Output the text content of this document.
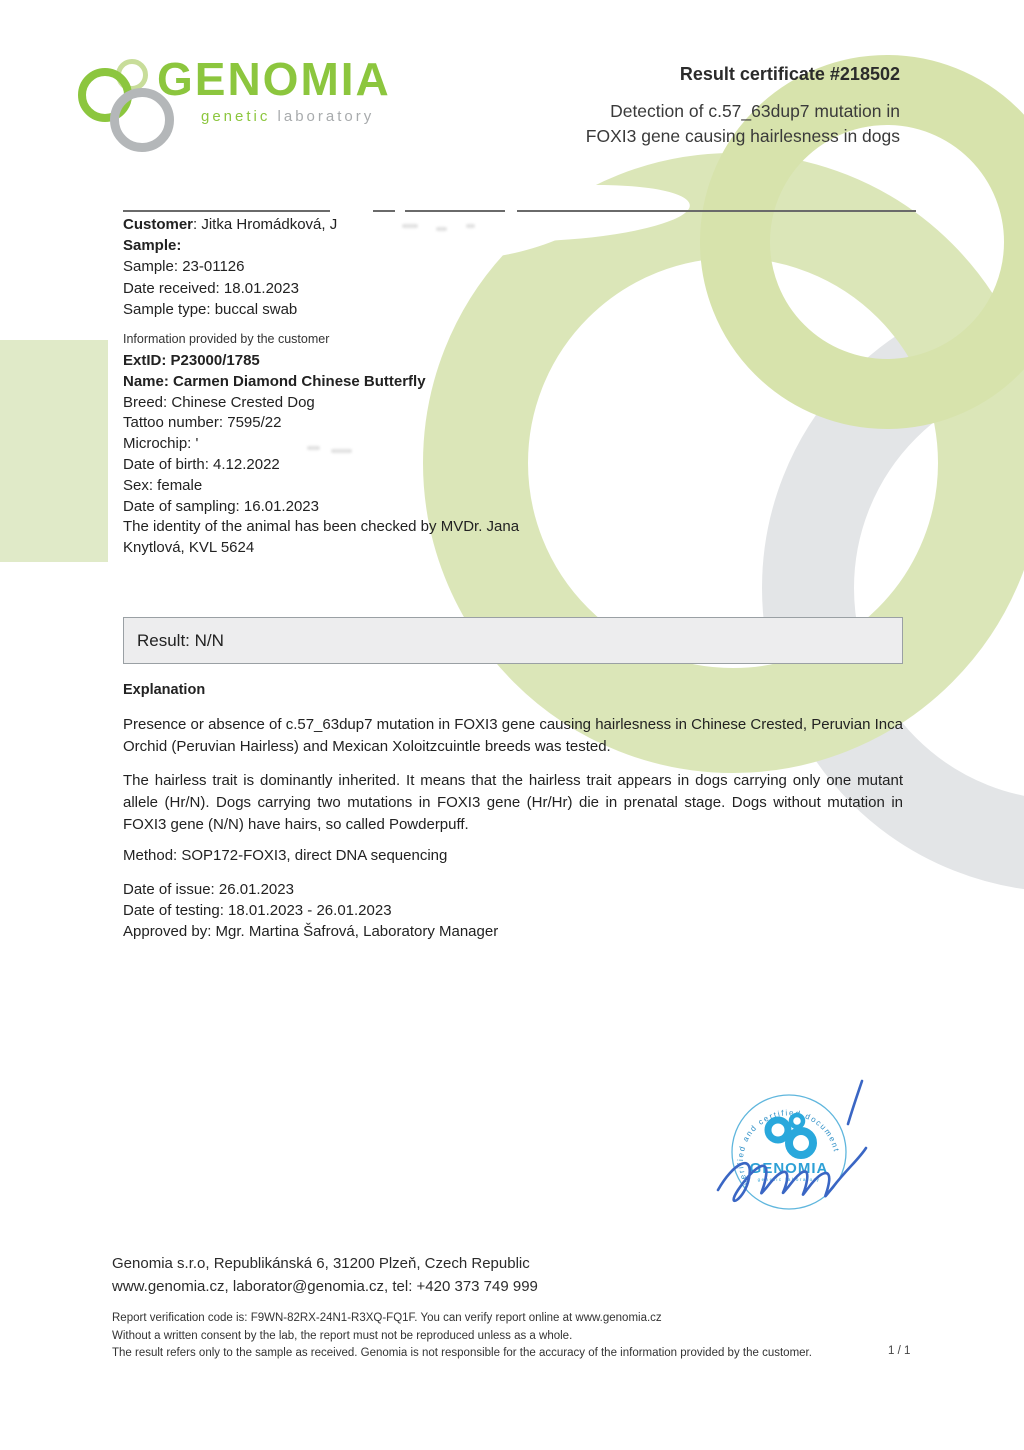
GENOMIA
genetic laboratory
Result certificate #218502
Detection of c.57_63dup7 mutation in
FOXI3 gene causing hairlesness in dogs
Customer: Jitka Hromádková, J
Sample:
Sample: 23-01126
Date received: 18.01.2023
Sample type: buccal swab
Information provided by the customer
ExtID: P23000/1785
Name: Carmen Diamond Chinese Butterfly
Breed: Chinese Crested Dog
Tattoo number: 7595/22
Microchip: '
Date of birth: 4.12.2022
Sex: female
Date of sampling: 16.01.2023
The identity of the animal has been checked by MVDr. Jana
Knytlová, KVL 5624
Result: N/N
Explanation
Presence or absence of c.57_63dup7 mutation in FOXI3 gene causing hairlesness in Chinese Crested, Peruvian Inca Orchid (Peruvian Hairless) and Mexican Xoloitzcuintle breeds was tested.
The hairless trait is dominantly inherited. It means that the hairless trait appears in dogs carrying only one mutant allele (Hr/N). Dogs carrying two mutations in FOXI3 gene (Hr/Hr) die in prenatal stage. Dogs without mutation in FOXI3 gene (N/N) have hairs, so called Powderpuff.
Method: SOP172-FOXI3, direct DNA sequencing
Date of issue: 26.01.2023
Date of testing: 18.01.2023 - 26.01.2023
Approved by: Mgr. Martina Šafrová, Laboratory Manager
verified and certified document
GENOMIA
genetic laboratory
Genomia s.r.o, Republikánská 6, 31200 Plzeň, Czech Republic
www.genomia.cz, laborator@genomia.cz, tel: +420 373 749 999
Report verification code is: F9WN-82RX-24N1-R3XQ-FQ1F. You can verify report online at www.genomia.cz
Without a written consent by the lab, the report must not be reproduced unless as a whole.
The result refers only to the sample as received. Genomia is not responsible for the accuracy of the information provided by the customer.	1 / 1
